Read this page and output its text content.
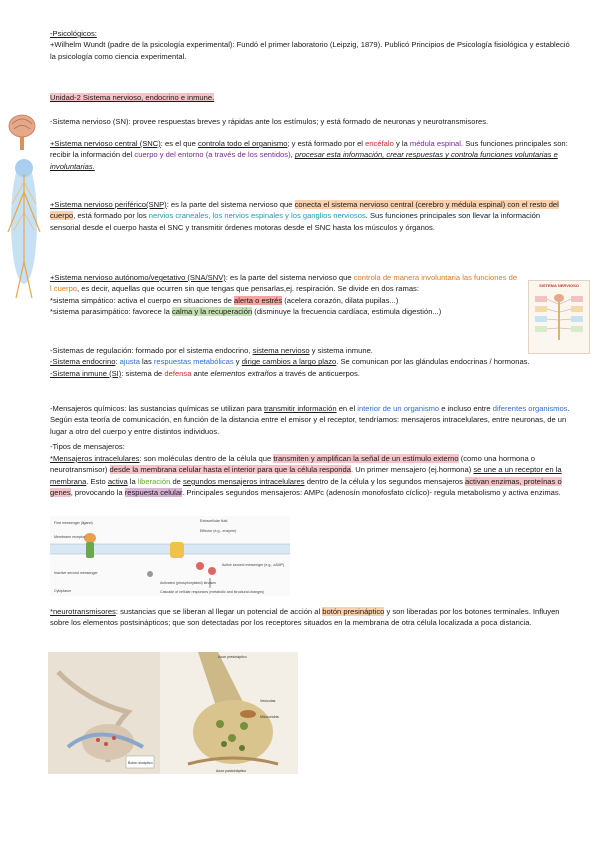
-Psicológicos:
+Wilhelm Wundt (padre de la psicología experimental): Fundó el primer laboratorio (Leipzig, 1879). Publicó Principios de Psicología fisiológica y estableció la psicología como ciencia experimental.
Unidad-2 Sistema nervioso, endocrino e inmune.
-Sistema nervioso (SN): provee respuestas breves y rápidas ante los estímulos; y está formado de neuronas y neurotransmisores.
+Sistema nervioso central (SNC): es el que controla todo el organismo; y está formado por el encéfalo y la médula espinal. Sus funciones principales son: recibir la información del cuerpo y del entorno (a través de los sentidos), procesar esta información, crear respuestas y controla funciones voluntarias e involuntarias.
+Sistema nervioso periférico(SNP): es la parte del sistema nervioso que conecta el sistema nervioso central (cerebro y médula espinal) con el resto del cuerpo, está formado por los nervios craneales, los nervios espinales y los ganglios nerviosos. Sus funciones principales son llevar la información sensorial desde el cuerpo hasta el SNC y transmitir órdenes motoras desde el SNC hasta los músculos y órganos.
+Sistema nervioso autónomo/vegetativo (SNA/SNV): es la parte del sistema nervioso que controla de manera involuntaria las funciones de l cuerpo, es decir, aquellas que ocurren sin que tengas que pensarlas,ej. respiración. Se divide en dos ramas:
*sistema simpático: activa el cuerpo en situaciones de alerta o estrés (acelera corazón, dilata pupilas...)
*sistema parasimpático: favorece la calma y la recuperación (disminuye la frecuencia cardíaca, estimula digestión...)
SISTEMA NERVIOSO
-Sistemas de regulación: formado por el sistema endocrino, sistema nervioso y sistema inmune.
-Sistema endocrino: ajusta las respuestas metabólicas y dirige cambios a largo plazo. Se comunican por las glándulas endocrinas / hormonas.
-Sistema inmune (SI): sistema de defensa ante elementos extraños a través de anticuerpos.
-Mensajeros químicos: las sustancias químicas se utilizan para transmitir información en el interior de un organismo e incluso entre diferentes organismos. Según esta teoría de comunicación, en función de la distancia entre el emisor y el receptor, tendríamos: mensajeros intracelulares, entre neuronas, de un lugar a otro del cuerpo y entre distintos individuos.
-Tipos de mensajeros:
*Mensajeros intracelulares: son moléculas dentro de la célula que transmiten y amplifican la señal de un estímulo externo (como una hormona o neurotransmisor) desde la membrana celular hasta el interior para que la célula responda. Un primer mensajero (ej.hormona) se une a un receptor en la membrana. Esto activa la liberación de segundos mensajeros intracelulares dentro de la célula y los segundos mensajeros activan enzimas, proteínas o genes, provocando la respuesta celular. Principales segundos mensajeros: AMPc (adenosín monofosfato cíclico)- regula metabolismo y activa enzimas.
First messenger (ligand)
Membrane receptor
Inactive second messenger
Extracellular fluid
Effector (e.g., enzyme)
Active second messenger (e.g., cAMP)
Activated (phosphorylated) kinases
Cascade of cellular responses (metabolic and structural changes)
Cytoplasm
*neurotransmisores: sustancias que se liberan al llegar un potencial de acción al botón presináptico y son liberadas por los botones terminales. Influyen sobre los elementos postsinápticos; que son detectadas por los receptores situados en la membrana de otra célula localizada a poca distancia.
Axon presináptico
Vesículas
Mitocondria
Botón sináptico
Axon postsináptico
